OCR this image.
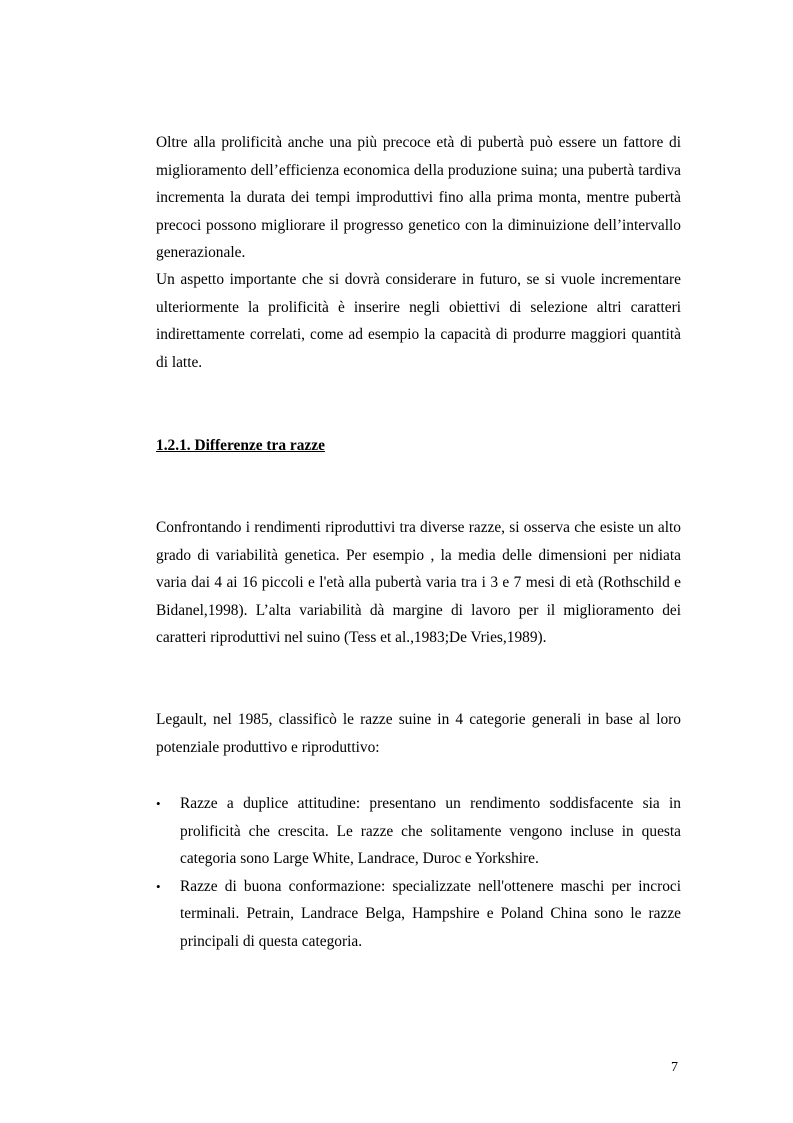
Oltre alla prolificità anche una più precoce età di pubertà può essere un fattore di miglioramento dell’efficienza economica della produzione suina; una pubertà tardiva incrementa la durata dei tempi improduttivi fino alla prima monta, mentre pubertà precoci possono migliorare il progresso genetico con la diminuizione dell’intervallo generazionale.

Un aspetto importante che si dovrà considerare in futuro, se si vuole incrementare ulteriormente la prolificità è inserire negli obiettivi di selezione altri caratteri indirettamente correlati, come ad esempio la capacità di produrre maggiori quantità di latte.

1.2.1. Differenze tra razze

Confrontando i rendimenti riproduttivi tra diverse razze, si osserva che esiste un alto grado di variabilità genetica. Per esempio , la media delle dimensioni per nidiata varia dai 4 ai 16 piccoli e l'età alla pubertà varia tra i 3 e 7 mesi di età (Rothschild e Bidanel,1998). L’alta variabilità dà margine di lavoro per il miglioramento dei caratteri riproduttivi nel suino (Tess et al.,1983;De Vries,1989).

Legault, nel 1985, classificò le razze suine in 4 categorie generali in base al loro potenziale produttivo e riproduttivo:

•	Razze a duplice attitudine: presentano un rendimento soddisfacente sia in prolificità che crescita. Le razze che solitamente vengono incluse in questa categoria sono Large White, Landrace, Duroc e Yorkshire.
•	Razze di buona conformazione: specializzate nell'ottenere maschi per incroci terminali. Petrain, Landrace Belga, Hampshire e Poland China sono le razze principali di questa categoria.
7
